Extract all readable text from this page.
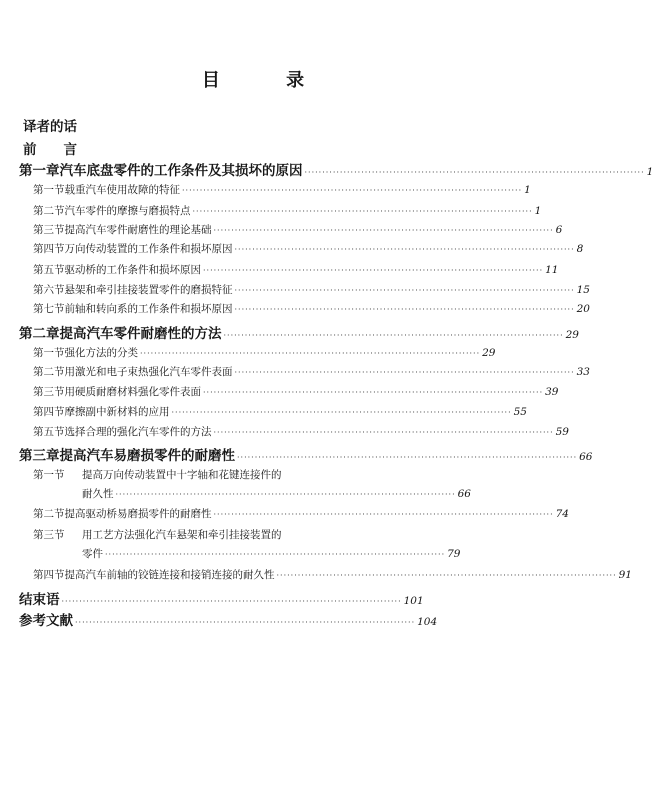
目 录
译者的话
前　　言
第一章 汽车底盘零件的工作条件及其损坏的原因 ································································································ 1
第一节 载重汽车使用故障的特征 ································································································ 1
第二节 汽车零件的摩擦与磨损特点 ································································································ 1
第三节 提高汽车零件耐磨性的理论基础 ································································································ 6
第四节 万向传动装置的工作条件和损坏原因 ································································································ 8
第五节 驱动桥的工作条件和损坏原因 ································································································ 11
第六节 悬架和牵引挂接装置零件的磨损特征 ································································································ 15
第七节 前轴和转向系的工作条件和损坏原因 ································································································ 20
第二章 提高汽车零件耐磨性的方法 ································································································ 29
第一节 强化方法的分类 ································································································ 29
第二节 用激光和电子束热强化汽车零件表面 ································································································ 33
第三节 用硬质耐磨材料强化零件表面 ································································································ 39
第四节 摩擦副中新材料的应用 ································································································ 55
第五节 选择合理的强化汽车零件的方法 ································································································ 59
第三章 提高汽车易磨损零件的耐磨性 ································································································ 66
第一节	提高万向传动装置中十字轴和花键连接件的
耐久性 ································································································ 66
第二节 提高驱动桥易磨损零件的耐磨性 ································································································ 74
第三节	用工艺方法强化汽车悬架和牵引挂接装置的
零件 ································································································ 79
第四节 提高汽车前轴的铰链连接和接销连接的耐久性 ································································································ 91
结束语 ································································································ 101
参考文献 ································································································ 104
